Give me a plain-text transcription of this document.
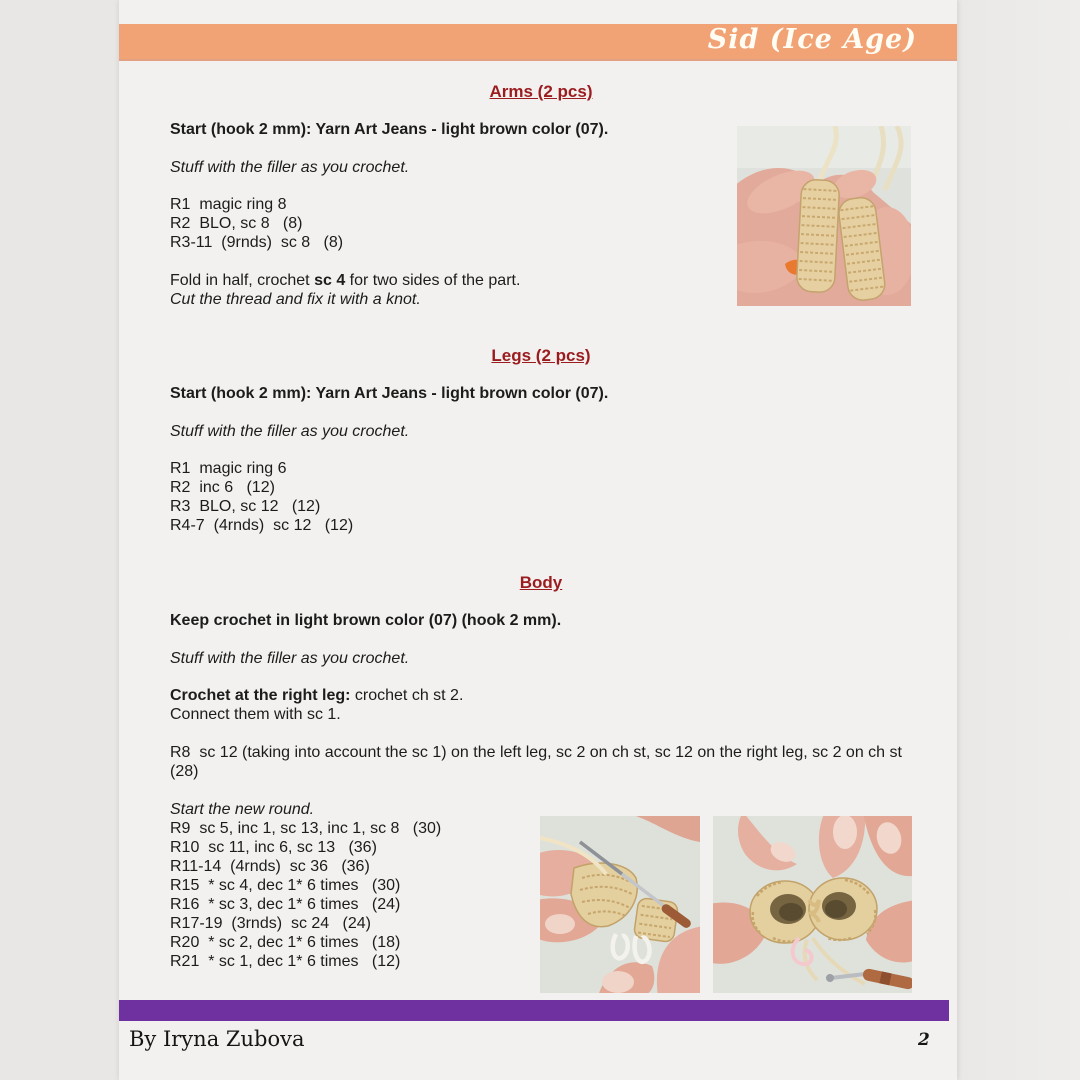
Sid (Ice Age)
Arms (2 pcs)
Start (hook 2 mm): Yarn Art Jeans - light brown color (07).
Stuff with the filler as you crochet.
R1  magic ring 8
R2  BLO, sc 8   (8)
R3-11  (9rnds)  sc 8   (8)
Fold in half, crochet sc 4 for two sides of the part.
Cut the thread and fix it with a knot.
Legs (2 pcs)
Start (hook 2 mm): Yarn Art Jeans - light brown color (07).
Stuff with the filler as you crochet.
R1  magic ring 6
R2  inc 6   (12)
R3  BLO, sc 12   (12)
R4-7  (4rnds)  sc 12   (12)
Body
Keep crochet in light brown color (07) (hook 2 mm).
Stuff with the filler as you crochet.
Crochet at the right leg: crochet ch st 2.
Connect them with sc 1.
R8  sc 12 (taking into account the sc 1) on the left leg, sc 2 on ch st, sc 12 on the right leg, sc 2 on ch st   (28)
Start the new round.
R9  sc 5, inc 1, sc 13, inc 1, sc 8   (30)
R10  sc 11, inc 6, sc 13   (36)
R11-14  (4rnds)  sc 36   (36)
R15  * sc 4, dec 1* 6 times   (30)
R16  * sc 3, dec 1* 6 times   (24)
R17-19  (3rnds)  sc 24   (24)
R20  * sc 2, dec 1* 6 times   (18)
R21  * sc 1, dec 1* 6 times   (12)
By Iryna Zubova	2
